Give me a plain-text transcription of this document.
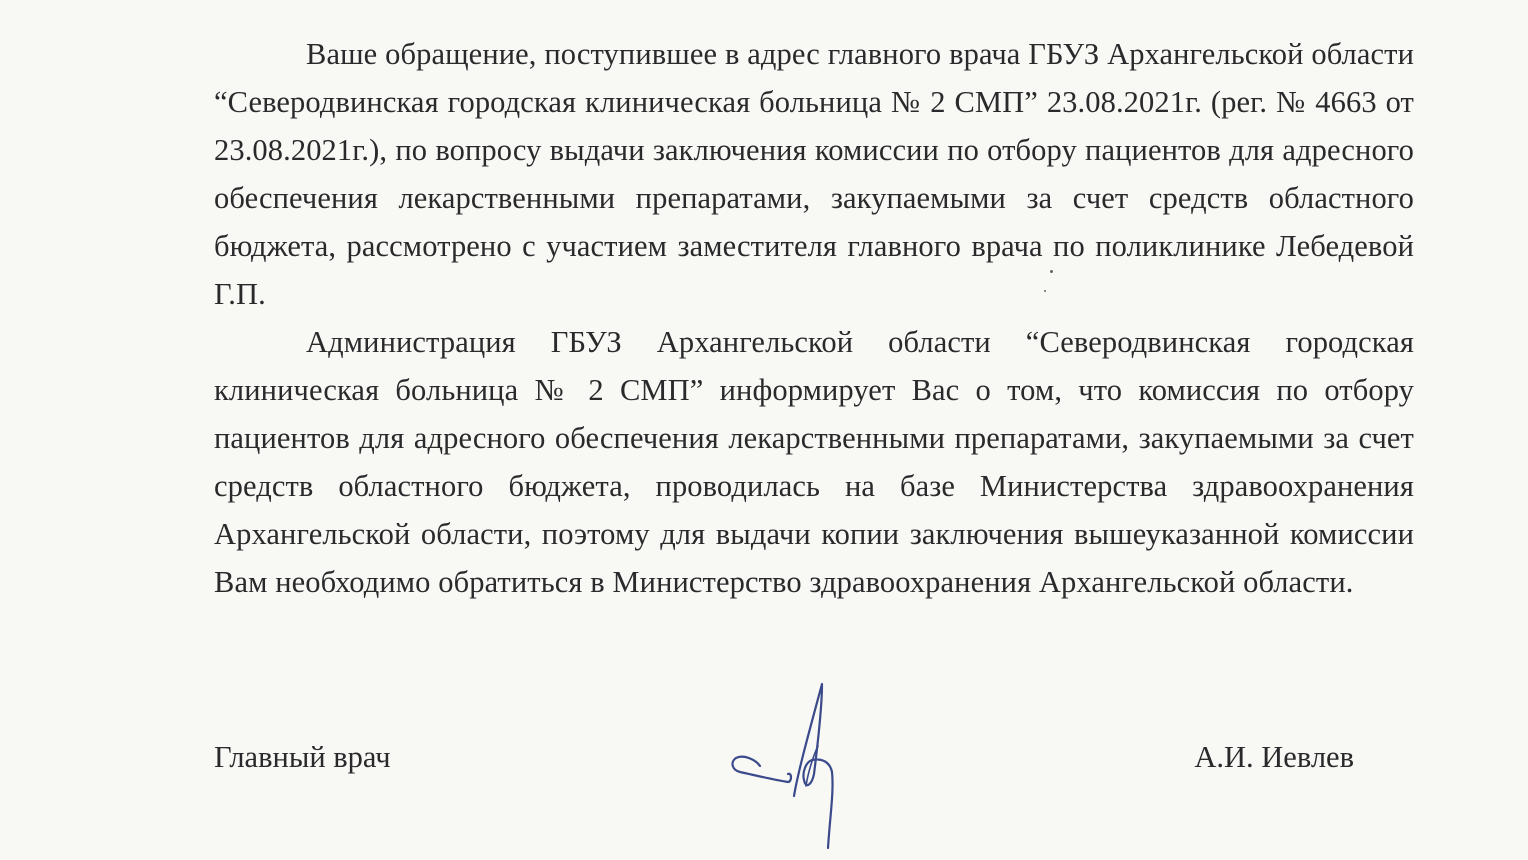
Ваше обращение, поступившее в адрес главного врача ГБУЗ Архангельской области “Северодвинская городская клиническая больница № 2 СМП” 23.08.2021г. (рег. № 4663 от 23.08.2021г.), по вопросу выдачи заключения комиссии по отбору пациентов для адресного обеспечения лекарственными препаратами, закупаемыми за счет средств областного бюджета, рассмотрено с участием заместителя главного врача по поликлинике Лебедевой Г.П.

Администрация ГБУЗ Архангельской области “Северодвинская городская клиническая больница № 2 СМП” информирует Вас о том, что комиссия по отбору пациентов для адресного обеспечения лекарственными препаратами, закупаемыми за счет средств областного бюджета, проводилась на базе Министерства здравоохранения Архангельской области, поэтому для выдачи копии заключения вышеуказанной комиссии Вам необходимо обратиться в Министерство здравоохранения Архангельской области.

Главный врач	А.И. Иевлев
